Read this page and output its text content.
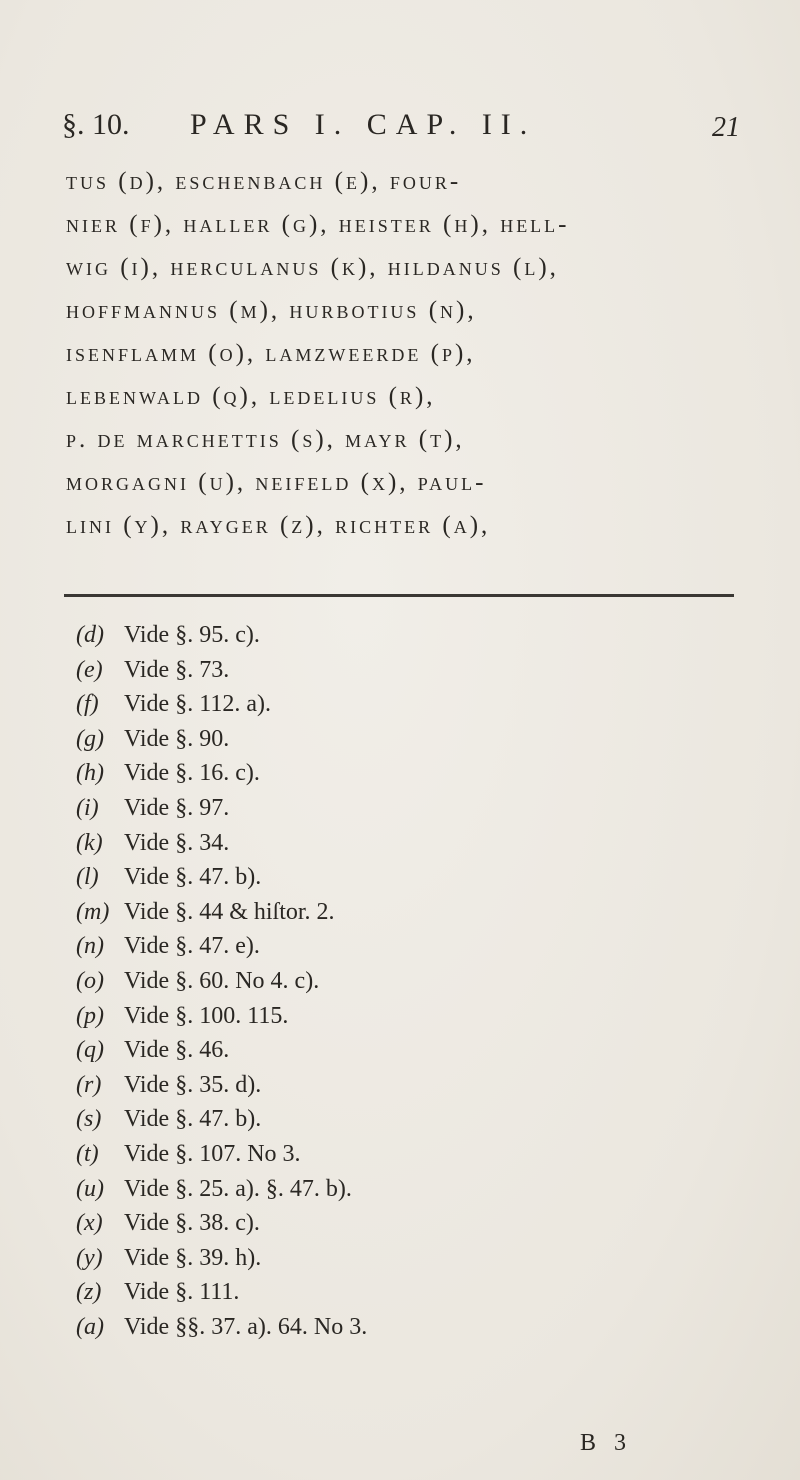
§. 10. PARS I. CAP. II.	21
tus (d), eschenbach (e), four-
nier (f), haller (g), heister (h), hell-
wig (i), herculanus (k), hildanus (l),
hoffmannus (m), hurbotius (n),
isenflamm (o), lamzweerde (p),
lebenwald (q), ledelius (r),
p. de marchettis (s), mayr (t),
morgagni (u), neifeld (x), paul-
lini (y), rayger (z), richter (a),
(d) Vide §. 95. c).
(e) Vide §. 73.
(f) Vide §. 112. a).
(g) Vide §. 90.
(h) Vide §. 16. c).
(i) Vide §. 97.
(k) Vide §. 34.
(l) Vide §. 47. b).
(m) Vide §. 44 & hiſtor. 2.
(n) Vide §. 47. e).
(o) Vide §. 60. No 4. c).
(p) Vide §. 100. 115.
(q) Vide §. 46.
(r) Vide §. 35. d).
(s) Vide §. 47. b).
(t) Vide §. 107. No 3.
(u) Vide §. 25. a). §. 47. b).
(x) Vide §. 38. c).
(y) Vide §. 39. h).
(z) Vide §. 111.
(a) Vide §§. 37. a). 64. No 3.
B 3
